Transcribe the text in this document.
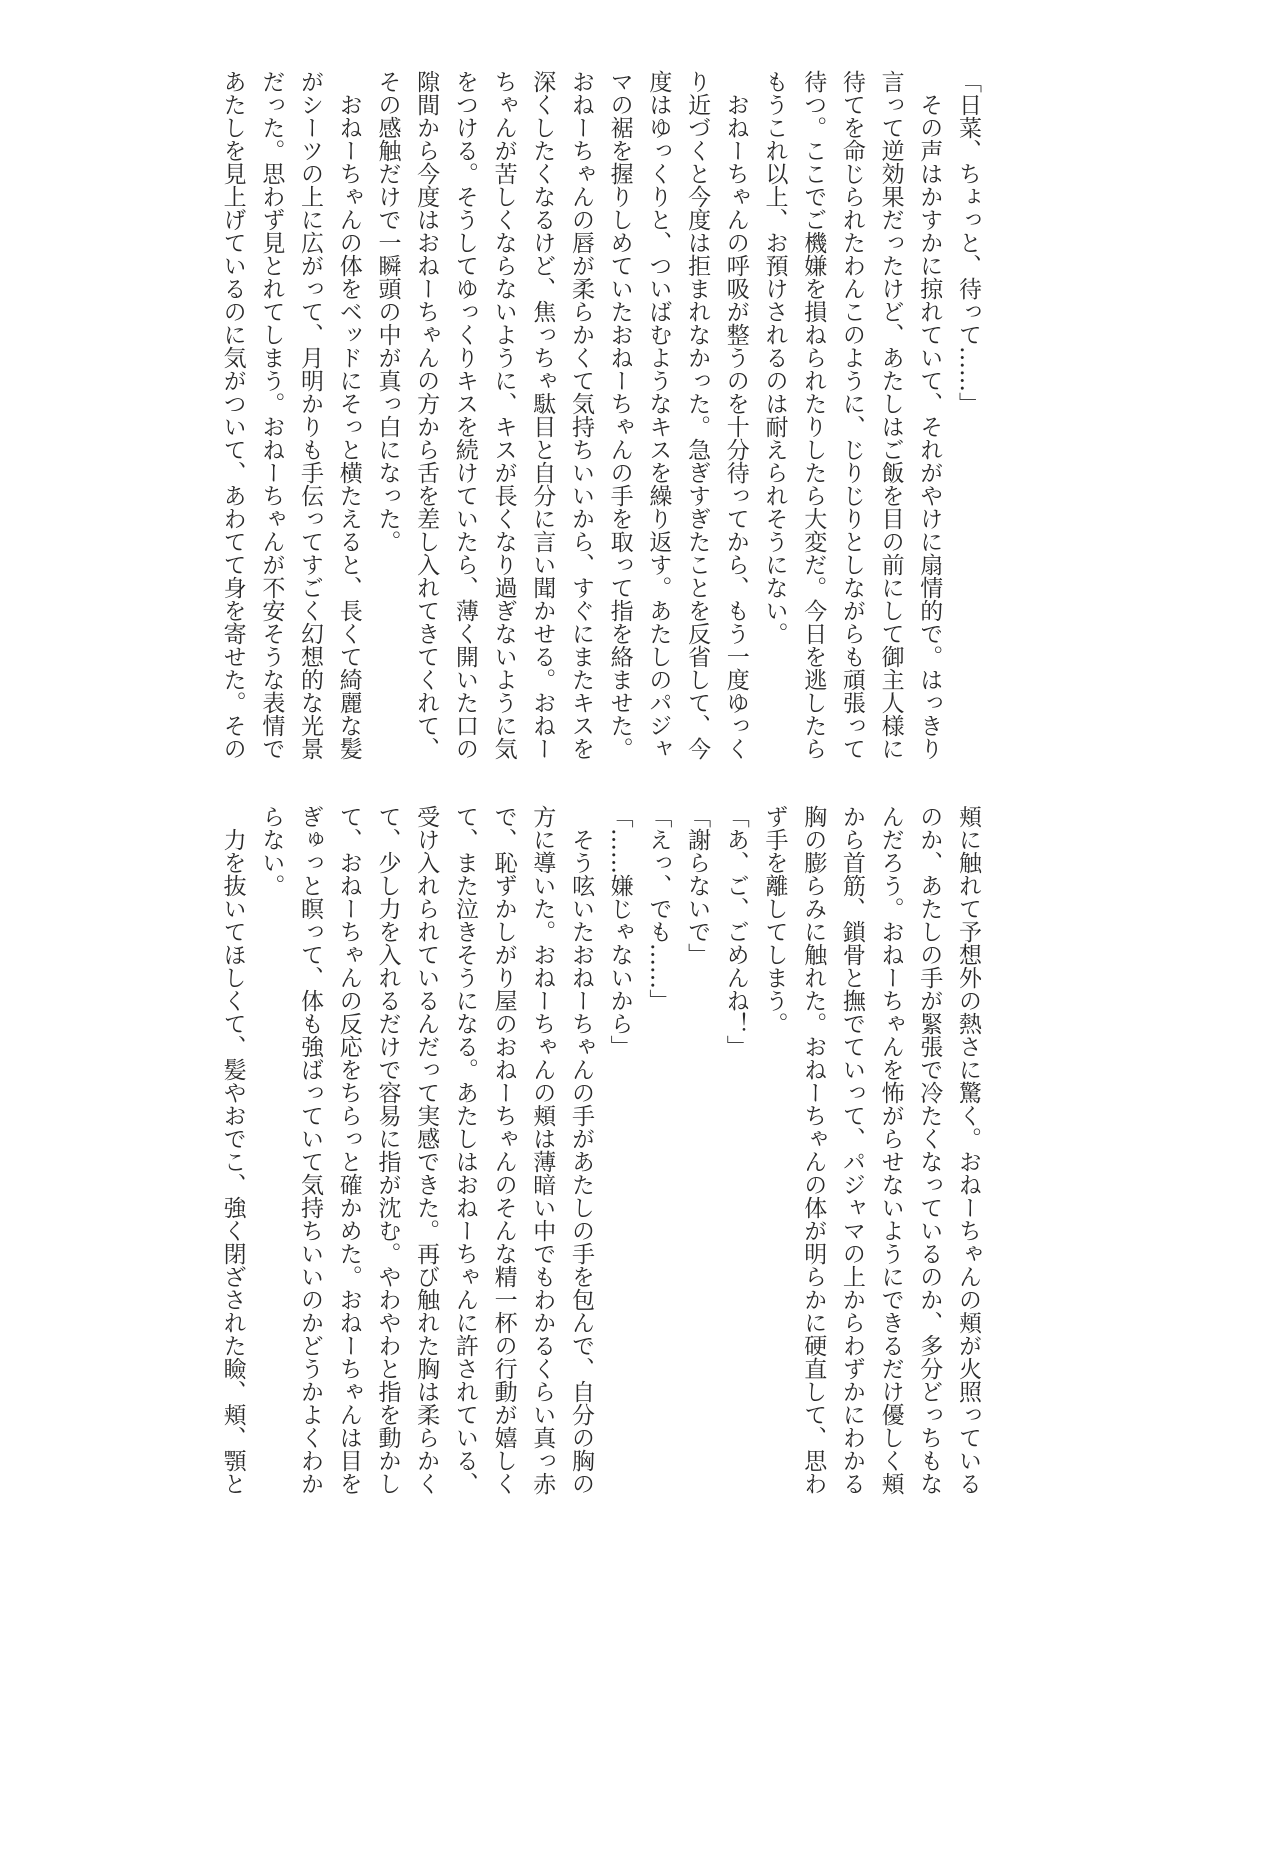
「日菜、ちょっと、待って……」
　その声はかすかに掠れていて、それがやけに扇情的で。はっきり
言って逆効果だったけど、あたしはご飯を目の前にして御主人様に
待てを命じられたわんこのように、じりじりとしながらも頑張って
待つ。ここでご機嫌を損ねられたりしたら大変だ。今日を逃したら
もうこれ以上、お預けされるのは耐えられそうにない。
　おねーちゃんの呼吸が整うのを十分待ってから、もう一度ゆっく
り近づくと今度は拒まれなかった。急ぎすぎたことを反省して、今
度はゆっくりと、ついばむようなキスを繰り返す。あたしのパジャ
マの裾を握りしめていたおねーちゃんの手を取って指を絡ませた。
おねーちゃんの唇が柔らかくて気持ちいいから、すぐにまたキスを
深くしたくなるけど、焦っちゃ駄目と自分に言い聞かせる。おねー
ちゃんが苦しくならないように、キスが長くなり過ぎないように気
をつける。そうしてゆっくりキスを続けていたら、薄く開いた口の
隙間から今度はおねーちゃんの方から舌を差し入れてきてくれて、
その感触だけで一瞬頭の中が真っ白になった。
　おねーちゃんの体をベッドにそっと横たえると、長くて綺麗な髪
がシーツの上に広がって、月明かりも手伝ってすごく幻想的な光景
だった。思わず見とれてしまう。おねーちゃんが不安そうな表情で
あたしを見上げているのに気がついて、あわてて身を寄せた。その
頬に触れて予想外の熱さに驚く。おねーちゃんの頬が火照っている
のか、あたしの手が緊張で冷たくなっているのか、多分どっちもな
んだろう。おねーちゃんを怖がらせないようにできるだけ優しく頬
から首筋、鎖骨と撫でていって、パジャマの上からわずかにわかる
胸の膨らみに触れた。おねーちゃんの体が明らかに硬直して、思わ
ず手を離してしまう。
「あ、ご、ごめんね！」
「謝らないで」
「えっ、でも……」
「……嫌じゃないから」
　そう呟いたおねーちゃんの手があたしの手を包んで、自分の胸の
方に導いた。おねーちゃんの頬は薄暗い中でもわかるくらい真っ赤
で、恥ずかしがり屋のおねーちゃんのそんな精一杯の行動が嬉しく
て、また泣きそうになる。あたしはおねーちゃんに許されている、
受け入れられているんだって実感できた。再び触れた胸は柔らかく
て、少し力を入れるだけで容易に指が沈む。やわやわと指を動かし
て、おねーちゃんの反応をちらっと確かめた。おねーちゃんは目を
ぎゅっと瞑って、体も強ばっていて気持ちいいのかどうかよくわか
らない。
　力を抜いてほしくて、髪やおでこ、強く閉ざされた瞼、頬、顎と
